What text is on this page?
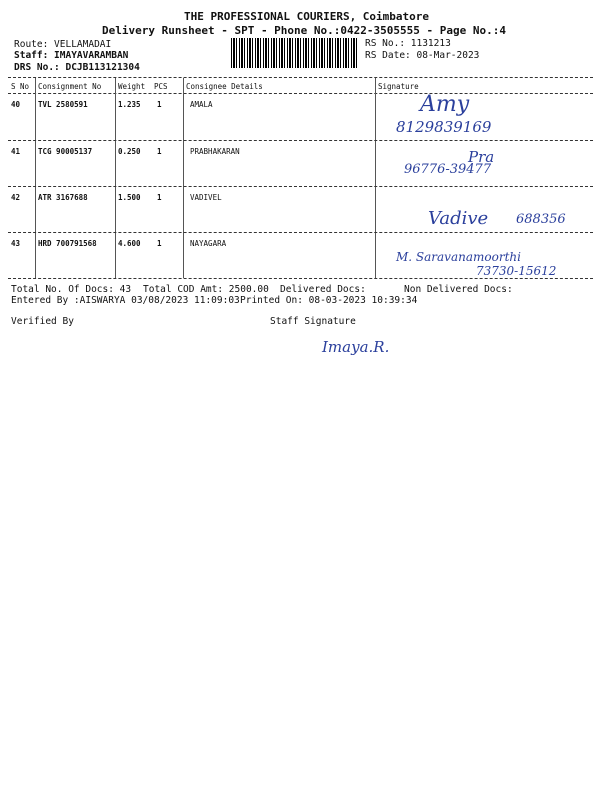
THE PROFESSIONAL COURIERS, Coimbatore
Delivery Runsheet - SPT - Phone No.:0422-3505555 - Page No.:4
Route: VELLAMADAI
Staff: IMAYAVARAMBAN
DRS No.: DCJB113121304
RS No.: 1131213
RS Date: 08-Mar-2023
S No Consignment No Weight PCS Consignee Details	Signature
40 TVL 2580591	1.235 1	AMALA	Amy
8129839169
41 TCG 90005137	0.250 1	PRABHAKARAN	Pra
96776-39477
42 ATR 3167688	1.500 1	VADIVEL
Vadive 688356
43 HRD 700791568	4.600 1	NAYAGARA
M. Saravanamoorthi
73730-15612
Total No. Of Docs: 43 Total COD Amt: 2500.00 Delivered Docs:	Non Delivered Docs:
Entered By :AISWARYA 03/08/2023 11:09:03 Printed On: 08-03-2023 10:39:34
Verified By	Staff Signature
Imaya.R.
